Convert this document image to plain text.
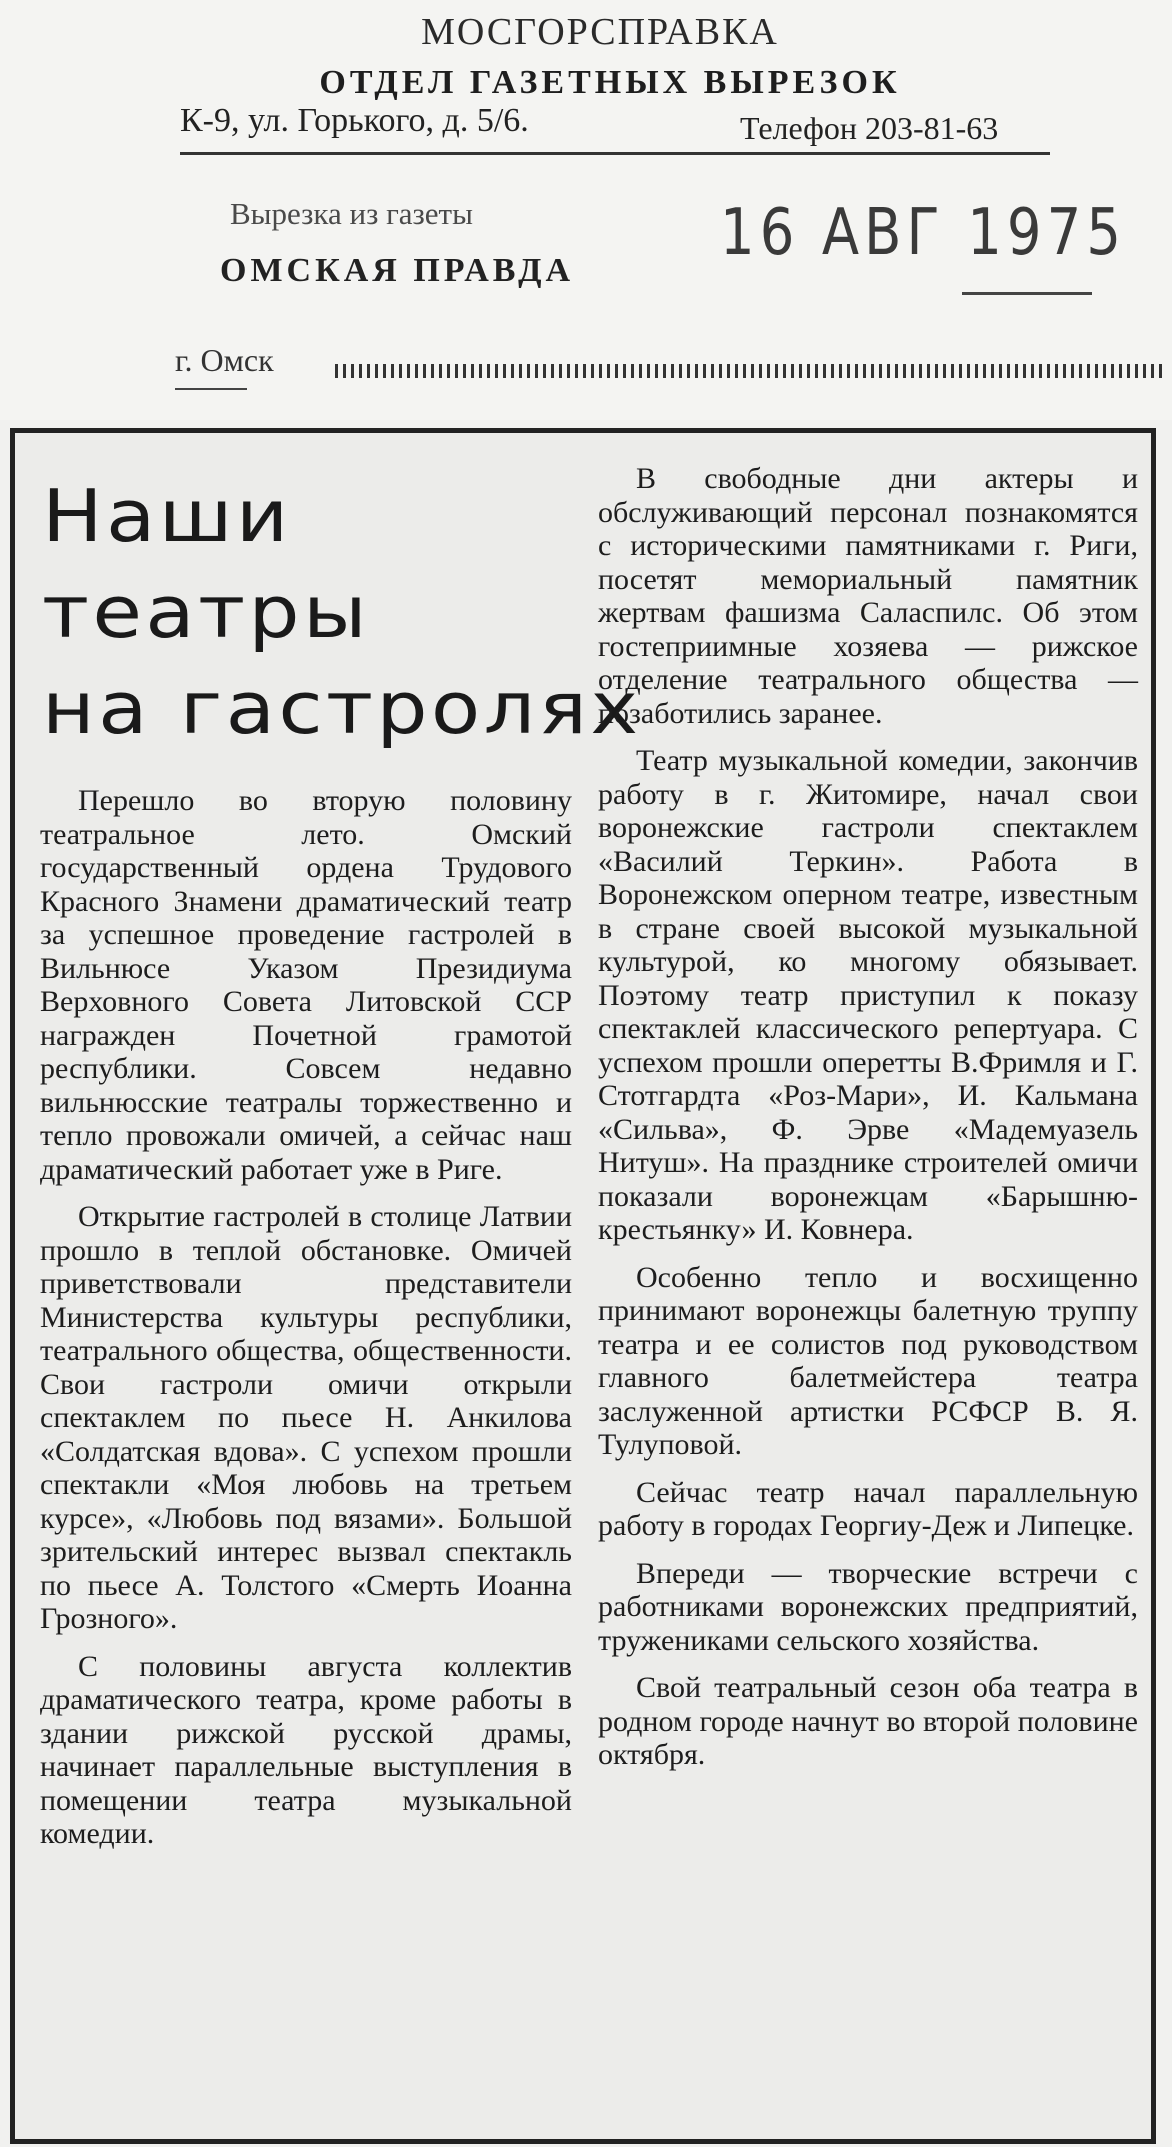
МОСГОРСПРАВКА
ОТДЕЛ ГАЗЕТНЫХ ВЫРЕЗОК
К-9, ул. Горького, д. 5/6.	Телефон 203-81-63
Вырезка из газеты
ОМСКАЯ ПРАВДА
16 АВГ 1975
г. Омск
Наши
театры
на гастролях

Перешло во вторую половину театральное лето. Омский государственный ордена Трудового Красного Знамени драматический театр за успешное проведение гастролей в Вильнюсе Указом Президиума Верховного Совета Литовской ССР награжден Почетной грамотой республики. Совсем недавно вильнюсские театралы торжественно и тепло провожали омичей, а сейчас наш драматический работает уже в Риге.

Открытие гастролей в столице Латвии прошло в теплой обстановке. Омичей приветствовали представители Министерства культуры республики, театрального общества, общественности. Свои гастроли омичи открыли спектаклем по пьесе Н. Анкилова «Солдатская вдова». С успехом прошли спектакли «Моя любовь на третьем курсе», «Любовь под вязами». Большой зрительский интерес вызвал спектакль по пьесе А. Толстого «Смерть Иоанна Грозного».

С половины августа коллектив драматического театра, кроме работы в здании рижской русской драмы, начинает параллельные выступления в помещении театра музыкальной комедии.

В свободные дни актеры и обслуживающий персонал познакомятся с историческими памятниками г. Риги, посетят мемориальный памятник жертвам фашизма Саласпилс. Об этом гостеприимные хозяева — рижское отделение театрального общества — позаботились заранее.

Театр музыкальной комедии, закончив работу в г. Житомире, начал свои воронежские гастроли спектаклем «Василий Теркин». Работа в Воронежском оперном театре, известным в стране своей высокой музыкальной культурой, ко многому обязывает. Поэтому театр приступил к показу спектаклей классического репертуара. С успехом прошли оперетты В.Фримля и Г. Стотгардта «Роз-Мари», И. Кальмана «Сильва», Ф. Эрве «Мадемуазель Нитуш». На празднике строителей омичи показали воронежцам «Барышню-крестьянку» И. Ковнера.

Особенно тепло и восхищенно принимают воронежцы балетную труппу театра и ее солистов под руководством главного балетмейстера театра заслуженной артистки РСФСР В. Я. Тулуповой.

Сейчас театр начал параллельную работу в городах Георгиу-Деж и Липецке.

Впереди — творческие встречи с работниками воронежских предприятий, тружениками сельского хозяйства.

Свой театральный сезон оба театра в родном городе начнут во второй половине октября.
